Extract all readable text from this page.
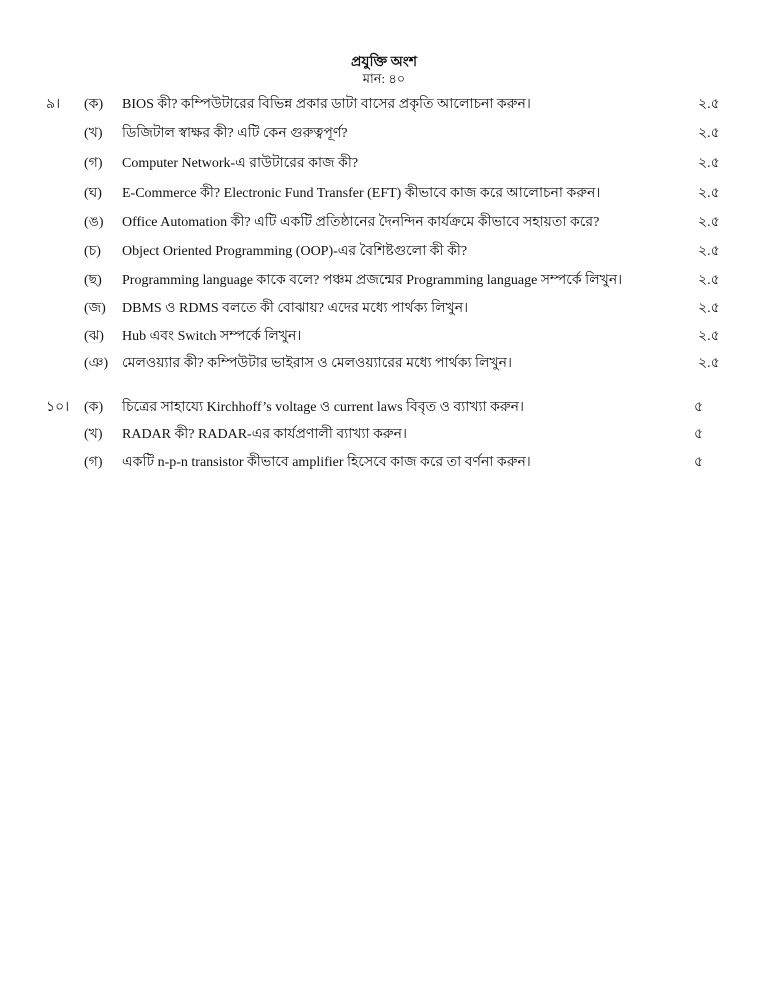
প্রযুক্তি অংশ
মান: ৪০
৯। (ক) BIOS কী? কম্পিউটারের বিভিন্ন প্রকার ডাটা বাসের প্রকৃতি আলোচনা করুন।	২.৫
(খ) ডিজিটাল স্বাক্ষর কী? এটি কেন গুরুত্বপূর্ণ?	২.৫
(গ) Computer Network-এ রাউটারের কাজ কী?	২.৫
(ঘ) E-Commerce কী? Electronic Fund Transfer (EFT) কীভাবে কাজ করে আলোচনা করুন।	২.৫
(ঙ) Office Automation কী? এটি একটি প্রতিষ্ঠানের দৈনন্দিন কার্যক্রমে কীভাবে সহায়তা করে?	২.৫
(চ) Object Oriented Programming (OOP)-এর বৈশিষ্টগুলো কী কী?	২.৫
(ছ) Programming language কাকে বলে? পঞ্চম প্রজন্মের Programming language সম্পর্কে লিখুন।	২.৫
(জ) DBMS ও RDMS বলতে কী বোঝায়? এদের মধ্যে পার্থক্য লিখুন।	২.৫
(ঝ) Hub এবং Switch সম্পর্কে লিখুন।	২.৫
(ঞ) মেলওয়্যার কী? কম্পিউটার ভাইরাস ও মেলওয়্যারের মধ্যে পার্থক্য লিখুন।	২.৫
১০। (ক) চিত্রের সাহায্যে Kirchhoff’s voltage ও current laws বিবৃত ও ব্যাখ্যা করুন।	৫
(খ) RADAR কী? RADAR-এর কার্যপ্রণালী ব্যাখ্যা করুন।	৫
(গ) একটি n-p-n transistor কীভাবে amplifier হিসেবে কাজ করে তা বর্ণনা করুন।	৫
